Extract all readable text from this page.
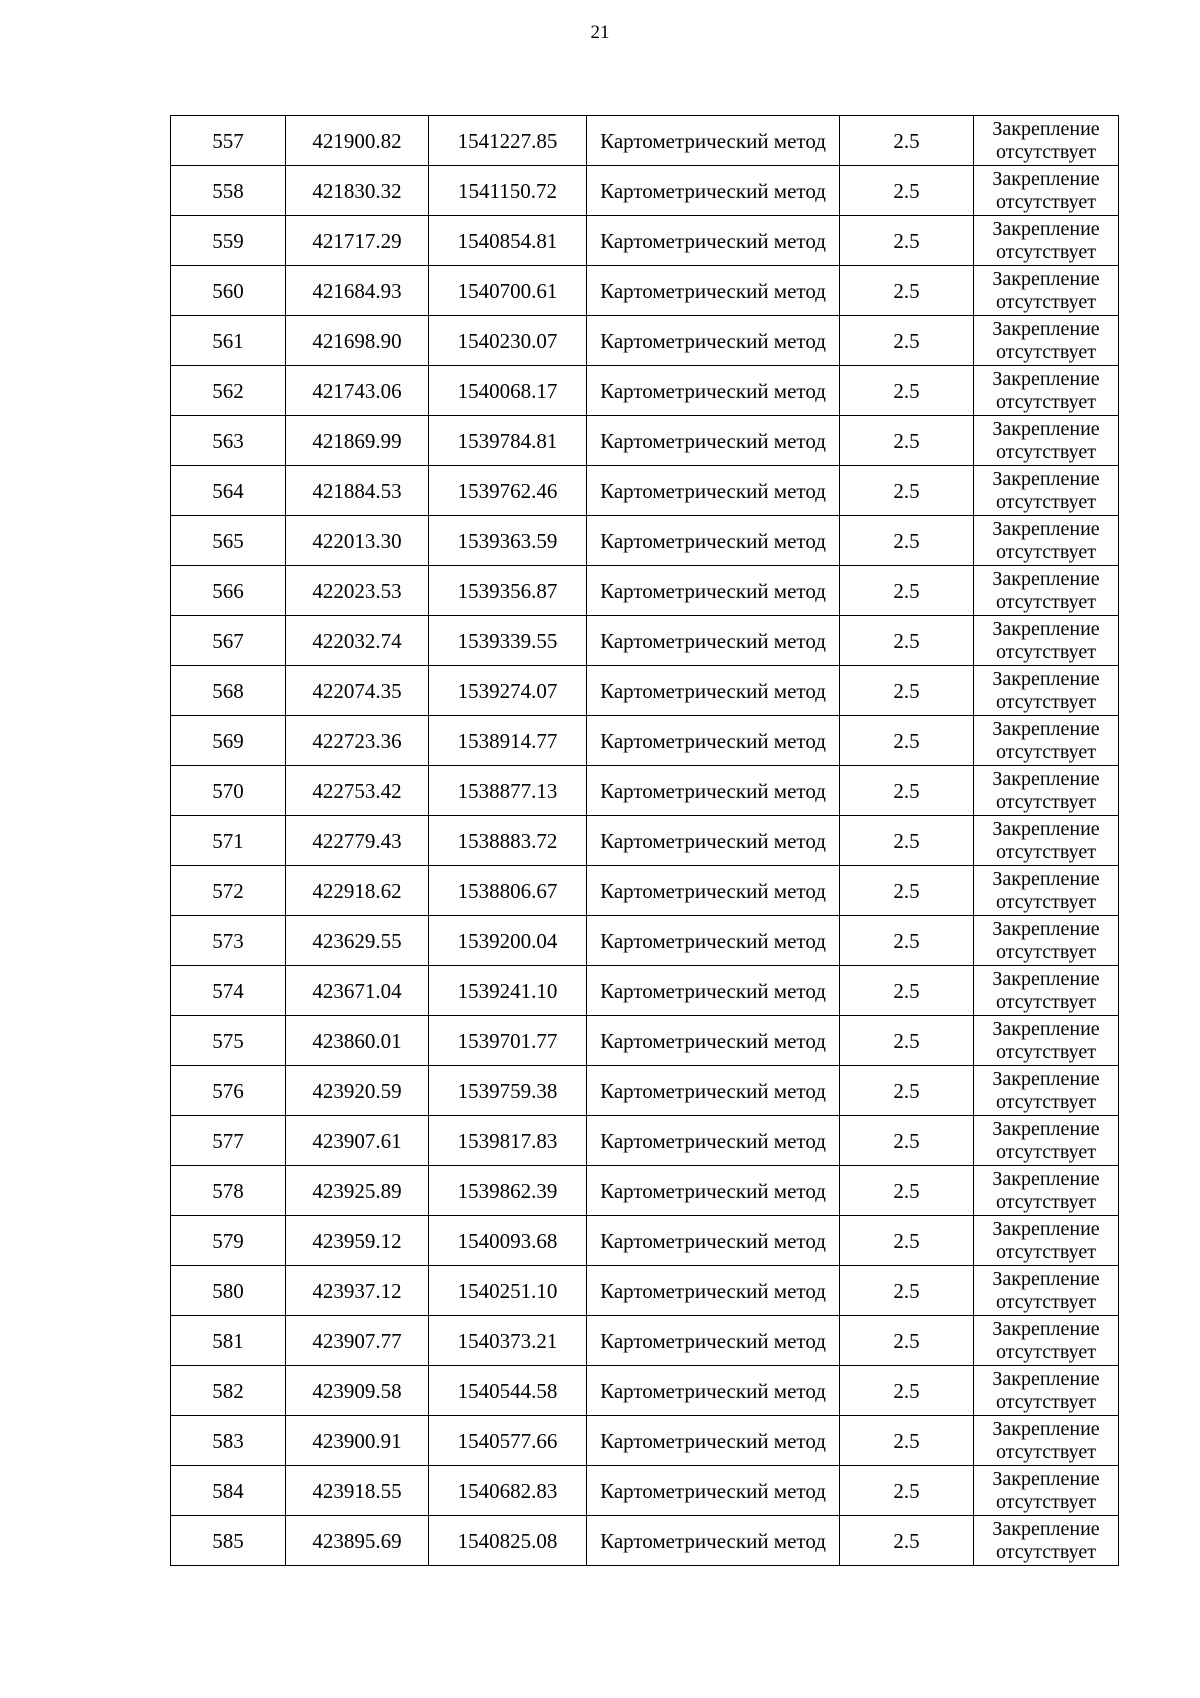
21
557	421900.82	1541227.85	Картометрический метод	2.5	Закрепление
отсутствует

558	421830.32	1541150.72	Картометрический метод	2.5	Закрепление
отсутствует

559	421717.29	1540854.81	Картометрический метод	2.5	Закрепление
отсутствует

560	421684.93	1540700.61	Картометрический метод	2.5	Закрепление
отсутствует

561	421698.90	1540230.07	Картометрический метод	2.5	Закрепление
отсутствует

562	421743.06	1540068.17	Картометрический метод	2.5	Закрепление
отсутствует

563	421869.99	1539784.81	Картометрический метод	2.5	Закрепление
отсутствует

564	421884.53	1539762.46	Картометрический метод	2.5	Закрепление
отсутствует

565	422013.30	1539363.59	Картометрический метод	2.5	Закрепление
отсутствует

566	422023.53	1539356.87	Картометрический метод	2.5	Закрепление
отсутствует

567	422032.74	1539339.55	Картометрический метод	2.5	Закрепление
отсутствует

568	422074.35	1539274.07	Картометрический метод	2.5	Закрепление
отсутствует

569	422723.36	1538914.77	Картометрический метод	2.5	Закрепление
отсутствует

570	422753.42	1538877.13	Картометрический метод	2.5	Закрепление
отсутствует

571	422779.43	1538883.72	Картометрический метод	2.5	Закрепление
отсутствует

572	422918.62	1538806.67	Картометрический метод	2.5	Закрепление
отсутствует

573	423629.55	1539200.04	Картометрический метод	2.5	Закрепление
отсутствует

574	423671.04	1539241.10	Картометрический метод	2.5	Закрепление
отсутствует

575	423860.01	1539701.77	Картометрический метод	2.5	Закрепление
отсутствует

576	423920.59	1539759.38	Картометрический метод	2.5	Закрепление
отсутствует

577	423907.61	1539817.83	Картометрический метод	2.5	Закрепление
отсутствует

578	423925.89	1539862.39	Картометрический метод	2.5	Закрепление
отсутствует

579	423959.12	1540093.68	Картометрический метод	2.5	Закрепление
отсутствует

580	423937.12	1540251.10	Картометрический метод	2.5	Закрепление
отсутствует

581	423907.77	1540373.21	Картометрический метод	2.5	Закрепление
отсутствует

582	423909.58	1540544.58	Картометрический метод	2.5	Закрепление
отсутствует

583	423900.91	1540577.66	Картометрический метод	2.5	Закрепление
отсутствует

584	423918.55	1540682.83	Картометрический метод	2.5	Закрепление
отсутствует

585	423895.69	1540825.08	Картометрический метод	2.5	Закрепление
отсутствует
